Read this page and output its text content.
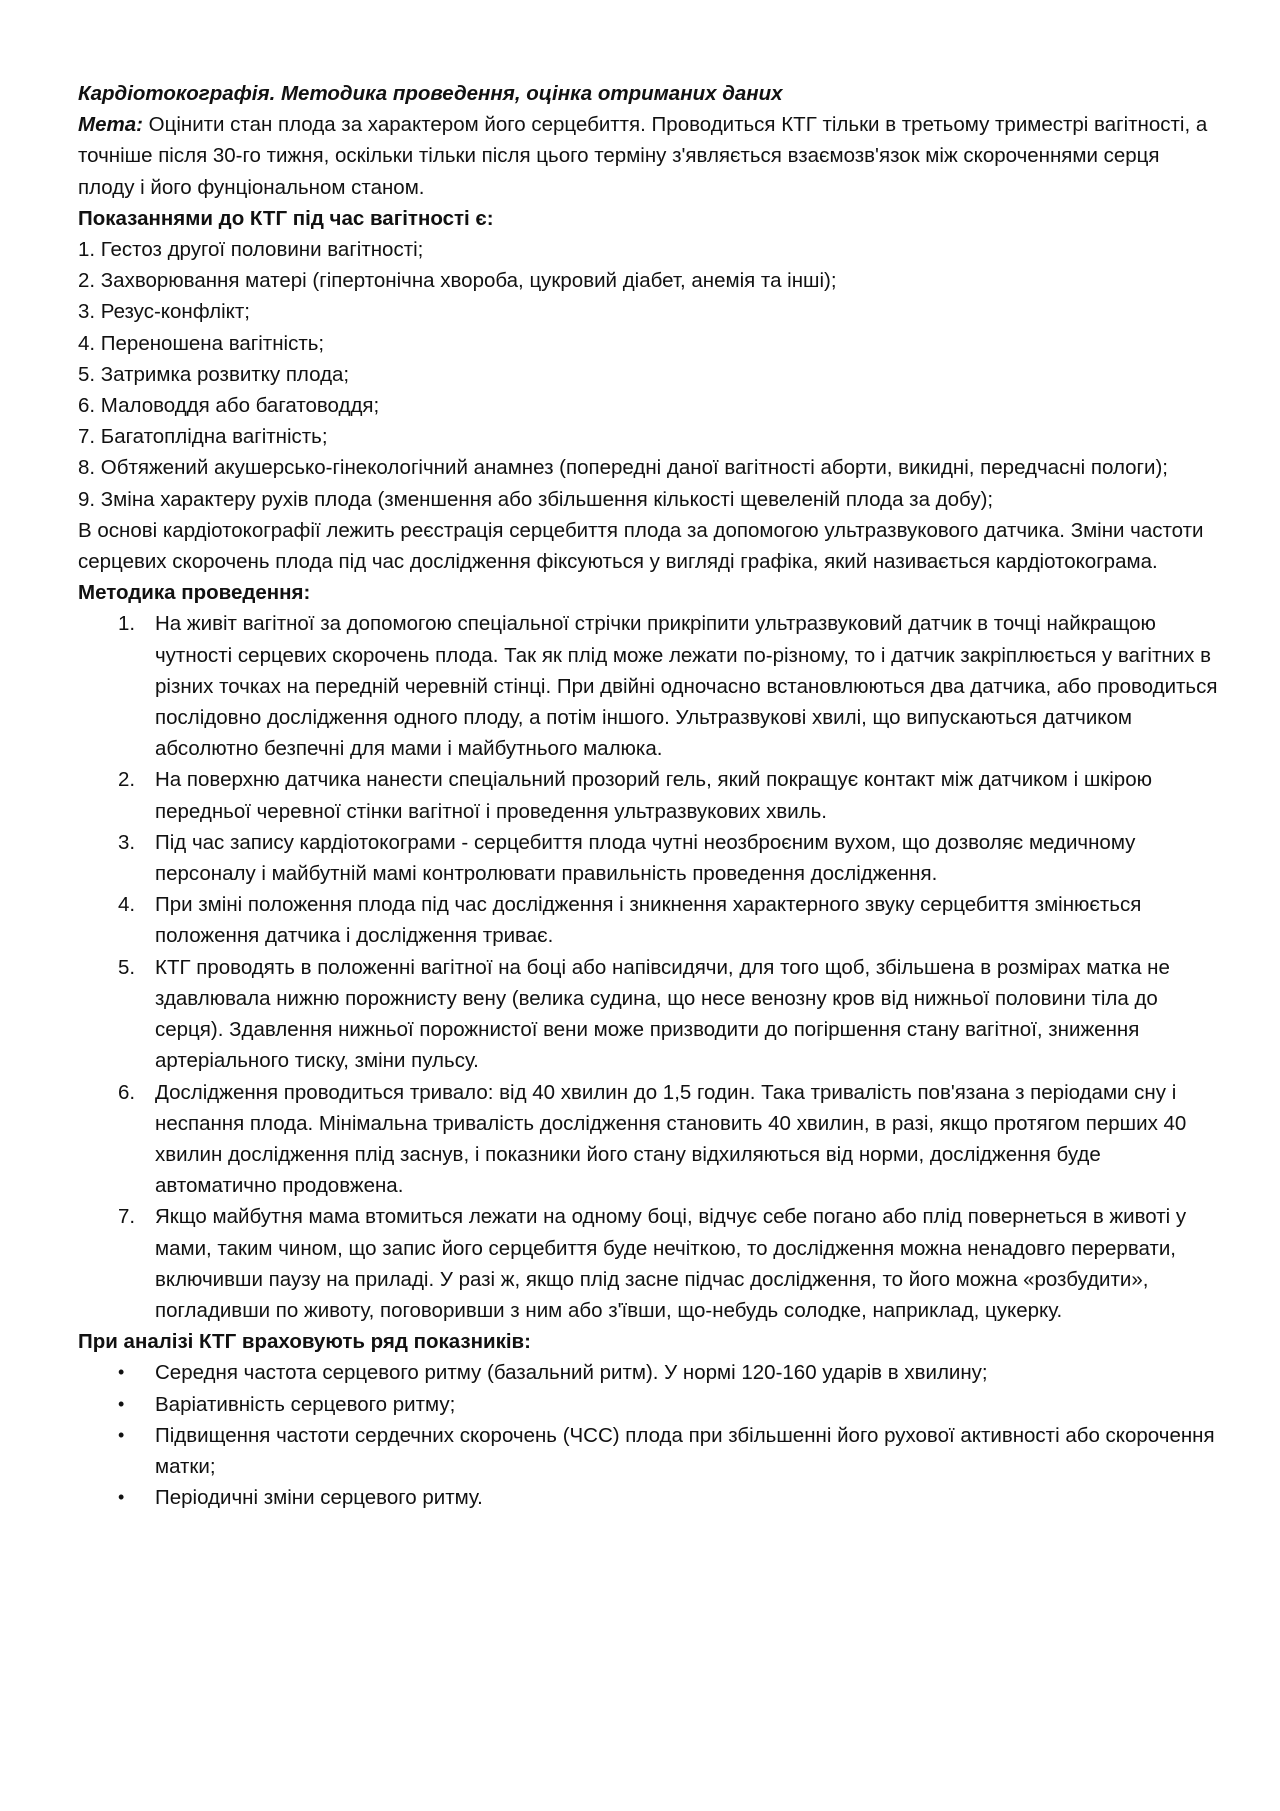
Кардіотокографія. Методика проведення, оцінка отриманих даних

Мета: Оцінити стан плода за характером його серцебиття. Проводиться КТГ тільки в третьому триместрі вагітності, а точніше після 30-го тижня, оскільки тільки після цього терміну з'являється взаємозв'язок між скороченнями серця плоду і його фунціональном станом.

Показаннями до КТГ під час вагітності є:

1. Гестоз другої половини вагітності;

2. Захворювання матері (гіпертонічна хвороба, цукровий діабет, анемія та інші);

3. Резус-конфлікт;

4. Переношена вагітність;

5. Затримка розвитку плода;

6. Маловоддя або багатоводдя;

7. Багатоплідна вагітність;

8. Обтяжений акушерсько-гінекологічний анамнез (попередні даної вагітності аборти, викидні, передчасні пологи);

9. Зміна характеру рухів плода (зменшення або збільшення кількості щевеленій плода за добу);

В основі кардіотокографії лежить реєстрація серцебиття плода за допомогою ультразвукового датчика. Зміни частоти серцевих скорочень плода під час дослідження фіксуються у вигляді графіка, який називається кардіотокограма.

Методика проведення:

1. На живіт вагітної за допомогою спеціальної стрічки прикріпити ультразвуковий датчик в точці найкращою чутності серцевих скорочень плода. Так як плід може лежати по-різному, то і датчик закріплюється у вагітних в різних точках на передній черевній стінці. При двійні одночасно встановлюються два датчика, або проводиться послідовно дослідження одного плоду, а потім іншого. Ультразвукові хвилі, що випускаються датчиком абсолютно безпечні для мами і майбутнього малюка.
2. На поверхню датчика нанести спеціальний прозорий гель, який покращує контакт між датчиком і шкірою передньої черевної стінки вагітної і проведення ультразвукових хвиль.
3. Під час запису кардіотокограми - серцебиття плода чутні неозброєним вухом, що дозволяє медичному персоналу і майбутній мамі контролювати правильність проведення дослідження.
4. При зміні положення плода під час дослідження і зникнення характерного звуку серцебиття змінюється положення датчика і дослідження триває.
5. КТГ проводять в положенні вагітної на боці або напівсидячи, для того щоб, збільшена в розмірах матка не здавлювала нижню порожнисту вену (велика судина, що несе венозну кров від нижньої половини тіла до серця). Здавлення нижньої порожнистої вени може призводити до погіршення стану вагітної, зниження артеріального тиску, зміни пульсу.
6. Дослідження проводиться тривало: від 40 хвилин до 1,5 годин. Така тривалість пов'язана з періодами сну і неспання плода. Мінімальна тривалість дослідження становить 40 хвилин, в разі, якщо протягом перших 40 хвилин дослідження плід заснув, і показники його стану відхиляються від норми, дослідження буде автоматично продовжена.
7. Якщо майбутня мама втомиться лежати на одному боці, відчує себе погано або плід повернеться в животі у мами, таким чином, що запис його серцебиття буде нечіткою, то дослідження можна ненадовго перервати, включивши паузу на приладі. У разі ж, якщо плід засне підчас дослідження, то його можна «розбудити», погладивши по животу, поговоривши з ним або з'ївши, що-небудь солодке, наприклад, цукерку.

При аналізі КТГ враховують ряд показників:

• Середня частота серцевого ритму (базальний ритм). У нормі 120-160 ударів в хвилину;
• Варіативність серцевого ритму;
• Підвищення частоти сердечних скорочень (ЧСС) плода при збільшенні його рухової активності або скорочення матки;
• Періодичні зміни серцевого ритму.
